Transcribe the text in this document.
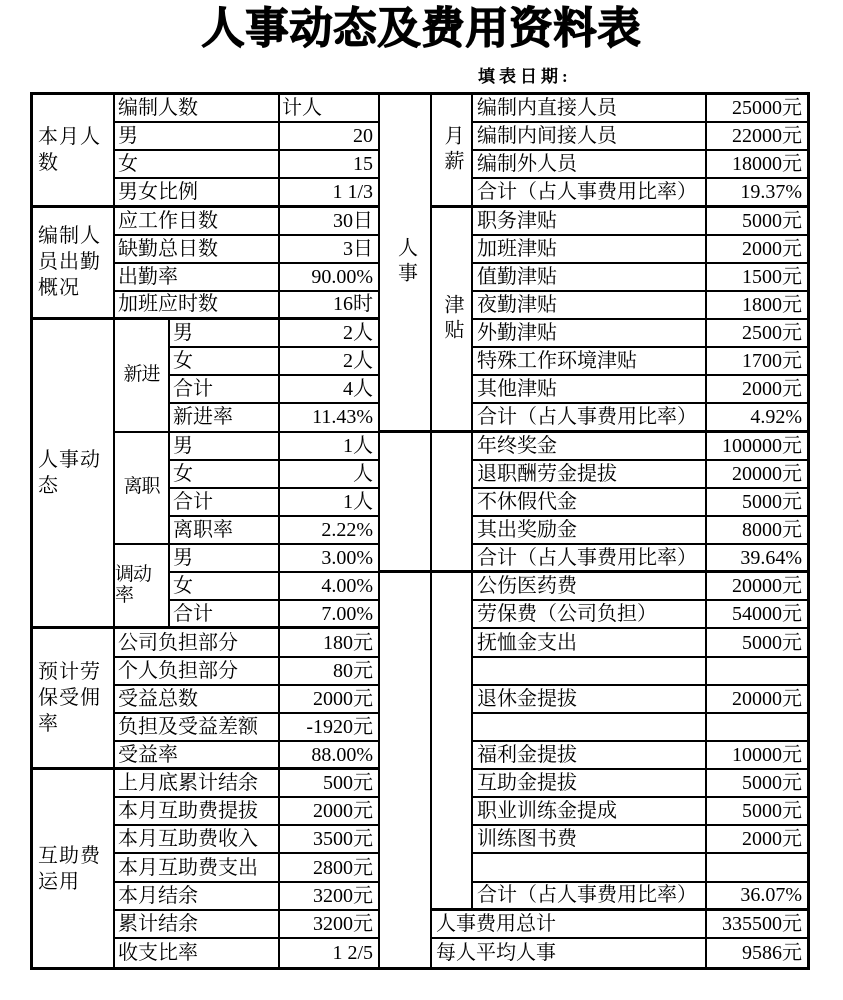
人事动态及费用资料表
填表日期:
本月人数
编制人数	计人
男	20
女	15
男女比例	1 1/3
编制人员出勤概况
应工作日数	30日
缺勤总日数	3日
出勤率	90.00%
加班应时数	16时
人事动态
新进
男	2人
女	2人
合计	4人
新进率	11.43%
离职
男	1人
女	人
合计	1人
离职率	2.22%
调动率
男	3.00%
女	4.00%
合计	7.00%
预计劳保受佣率
公司负担部分	180元
个人负担部分	80元
受益总数	2000元
负担及受益差额 -1920元
受益率	88.00%
互助费运用
上月底累计结余	500元
本月互助费提拔	2000元
本月互助费收入	3500元
本月互助费支出	2800元
本月结余	3200元
累计结余	3200元
收支比率	1 2/5
人事
月薪
编制内直接人员	25000元
编制内间接人员	22000元
编制外人员	18000元
合计（占人事费用比率） 19.37%
津贴
职务津贴	5000元
加班津贴	2000元
值勤津贴	1500元
夜勤津贴	1800元
外勤津贴	2500元
特殊工作环境津贴	1700元
其他津贴	2000元
合计（占人事费用比率）	4.92%
年终奖金	100000元
退职酬劳金提拔	20000元
不休假代金	5000元
其出奖励金	8000元
合计（占人事费用比率） 39.64%
公伤医药费	20000元
劳保费（公司负担）	54000元
抚恤金支出	5000元
退休金提拔	20000元
福利金提拔	10000元
互助金提拔	5000元
职业训练金提成	5000元
训练图书费	2000元
合计（占人事费用比率） 36.07%
人事费用总计	335500元
每人平均人事	9586元
